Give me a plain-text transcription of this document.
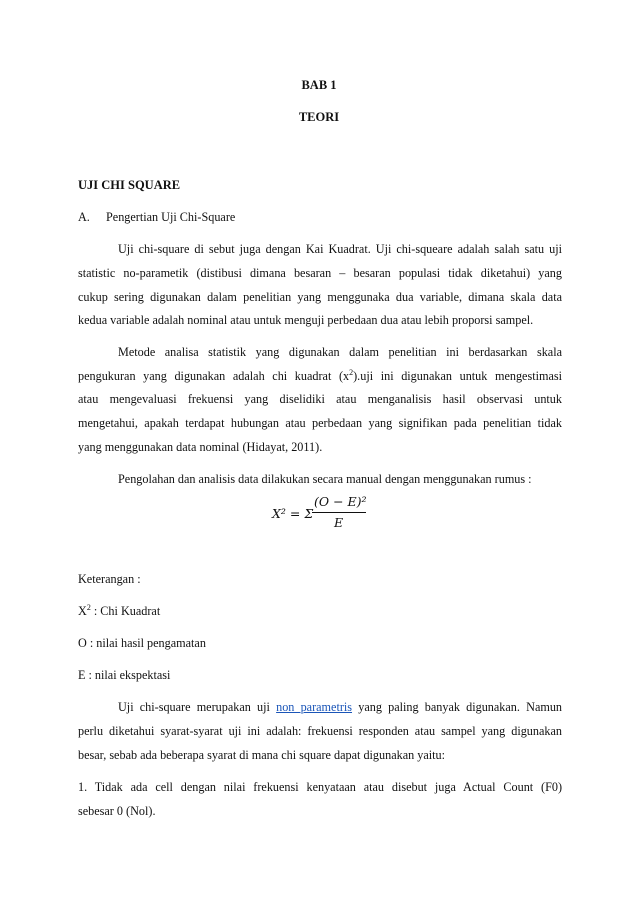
BAB 1
TEORI
UJI CHI SQUARE
A. Pengertian Uji Chi-Square
Uji chi-square di sebut juga dengan Kai Kuadrat. Uji chi-squeare adalah salah satu uji
statistic no-parametik (distibusi dimana besaran – besaran populasi tidak diketahui) yang
cukup sering digunakan dalam penelitian yang menggunaka dua variable, dimana skala data
kedua variable adalah nominal atau untuk menguji perbedaan dua atau lebih proporsi sampel.
Metode analisa statistik yang digunakan dalam penelitian ini berdasarkan skala
pengukuran yang digunakan adalah chi kuadrat $(x^2).uji$ ini digunakan untuk mengestimasi
atau mengevaluasi frekuensi yang diselidiki atau menganalisis hasil observasi untuk
mengetahui, apakah terdapat hubungan atau perbedaan yang signifikan pada penelitian tidak
yang menggunakan data nominal (Hidayat, 2011).
Pengolahan dan analisis data dilakukan secara manual dengan menggunakan rumus :
X² = Σ
(O − E)²
E
Keterangan :
$X^2$ : Chi Kuadrat
O : nilai hasil pengamatan
E : nilai ekspektasi
Uji chi-square merupakan uji non parametris yang paling banyak digunakan. Namun
perlu diketahui syarat-syarat uji ini adalah: frekuensi responden atau sampel yang digunakan
besar, sebab ada beberapa syarat di mana chi square dapat digunakan yaitu:
1. Tidak ada cell dengan nilai frekuensi kenyataan atau disebut juga Actual Count (F0)
sebesar 0 (Nol).
